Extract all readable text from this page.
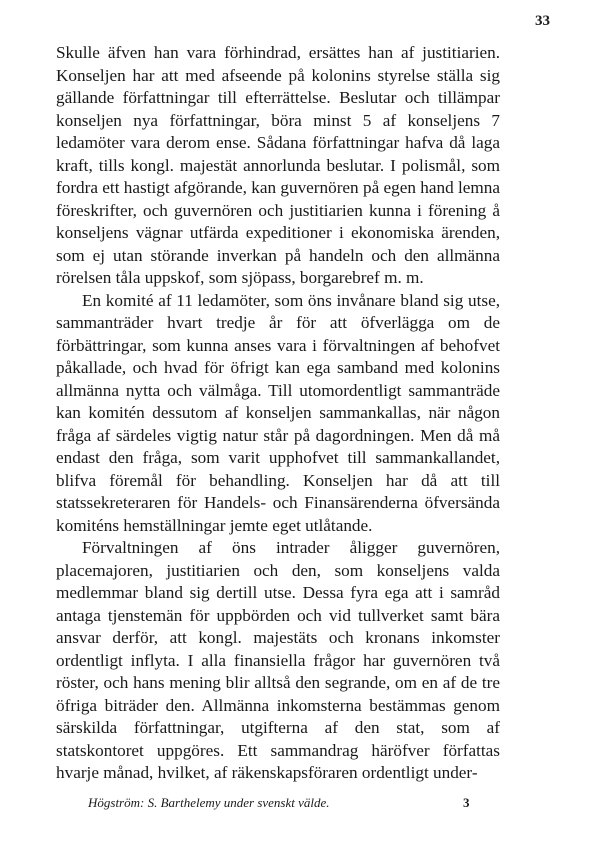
33

Skulle äfven han vara förhindrad, ersättes han af justitiarien. Konseljen har att med afseende på kolonins styrelse ställa sig gällande författningar till efterrättelse. Beslutar och tillämpar konseljen nya författningar, böra minst 5 af konseljens 7 ledamöter vara derom ense. Sådana författningar hafva då laga kraft, tills kongl. majestät annorlunda beslutar. I polismål, som fordra ett hastigt afgörande, kan guvernören på egen hand lemna föreskrifter, och guvernören och justitiarien kunna i förening å konseljens vägnar utfärda expeditioner i ekonomiska ärenden, som ej utan störande inverkan på handeln och den allmänna rörelsen tåla uppskof, som sjöpass, borgarebref m. m.

En komité af 11 ledamöter, som öns invånare bland sig utse, sammanträder hvart tredje år för att öfverlägga om de förbättringar, som kunna anses vara i förvaltningen af behofvet påkallade, och hvad för öfrigt kan ega samband med kolonins allmänna nytta och välmåga. Till utomordentligt sammanträde kan komitén dessutom af konseljen sammankallas, när någon fråga af särdeles vigtig natur står på dagordningen. Men då må endast den fråga, som varit upphofvet till sammankallandet, blifva föremål för behandling. Konseljen har då att till statssekreteraren för Handels- och Finansärenderna öfversända komiténs hemställningar jemte eget utlåtande.

Förvaltningen af öns intrader åligger guvernören, placemajoren, justitiarien och den, som konseljens valda medlemmar bland sig dertill utse. Dessa fyra ega att i samråd antaga tjenstemän för uppbörden och vid tullverket samt bära ansvar derför, att kongl. majestäts och kronans inkomster ordentligt inflyta. I alla finansiella frågor har guvernören två röster, och hans mening blir alltså den segrande, om en af de tre öfriga biträder den. Allmänna inkomsterna bestämmas genom särskilda författningar, utgifterna af den stat, som af statskontoret uppgöres. Ett sammandrag häröfver författas hvarje månad, hvilket, af räkenskapsföraren ordentligt under-

Högström: S. Barthelemy under svenskt välde.	3
